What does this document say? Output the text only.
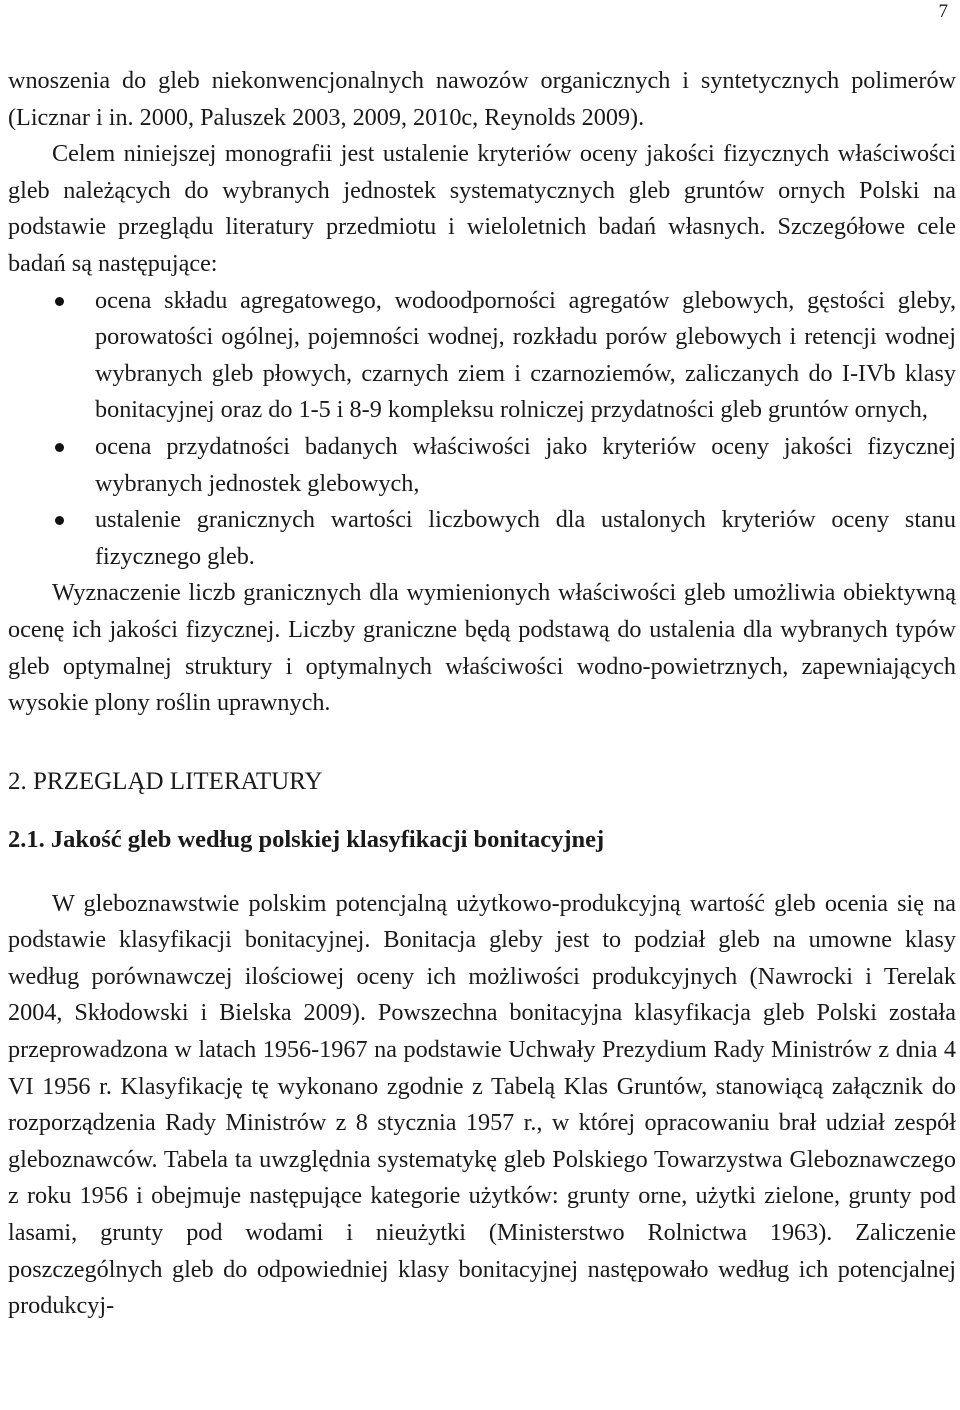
7

wnoszenia do gleb niekonwencjonalnych nawozów organicznych i syntetycznych polimerów (Licznar i in. 2000, Paluszek 2003, 2009, 2010c, Reynolds 2009).

Celem niniejszej monografii jest ustalenie kryteriów oceny jakości fizycznych właściwości gleb należących do wybranych jednostek systematycznych gleb gruntów ornych Polski na podstawie przeglądu literatury przedmiotu i wieloletnich badań własnych. Szczegółowe cele badań są następujące:

ocena składu agregatowego, wodoodporności agregatów glebowych, gęstości gleby, porowatości ogólnej, pojemności wodnej, rozkładu porów glebowych i retencji wodnej wybranych gleb płowych, czarnych ziem i czarnoziemów, zaliczanych do I-IVb klasy bonitacyjnej oraz do 1-5 i 8-9 kompleksu rolniczej przydatności gleb gruntów ornych,
ocena przydatności badanych właściwości jako kryteriów oceny jakości fizycznej wybranych jednostek glebowych,
ustalenie granicznych wartości liczbowych dla ustalonych kryteriów oceny stanu fizycznego gleb.

Wyznaczenie liczb granicznych dla wymienionych właściwości gleb umożliwia obiektywną ocenę ich jakości fizycznej. Liczby graniczne będą podstawą do ustalenia dla wybranych typów gleb optymalnej struktury i optymalnych właściwości wodno-powietrznych, zapewniających wysokie plony roślin uprawnych.

2. PRZEGLĄD LITERATURY
2.1. Jakość gleb według polskiej klasyfikacji bonitacyjnej

W gleboznawstwie polskim potencjalną użytkowo-produkcyjną wartość gleb ocenia się na podstawie klasyfikacji bonitacyjnej. Bonitacja gleby jest to podział gleb na umowne klasy według porównawczej ilościowej oceny ich możliwości produkcyjnych (Nawrocki i Terelak 2004, Skłodowski i Bielska 2009). Powszechna bonitacyjna klasyfikacja gleb Polski została przeprowadzona w latach 1956-1967 na podstawie Uchwały Prezydium Rady Ministrów z dnia 4 VI 1956 r. Klasyfikację tę wykonano zgodnie z Tabelą Klas Gruntów, stanowiącą załącznik do rozporządzenia Rady Ministrów z 8 stycznia 1957 r., w której opracowaniu brał udział zespół gleboznawców. Tabela ta uwzględnia systematykę gleb Polskiego Towarzystwa Gleboznawczego z roku 1956 i obejmuje następujące kategorie użytków: grunty orne, użytki zielone, grunty pod lasami, grunty pod wodami i nieużytki (Ministerstwo Rolnictwa 1963). Zaliczenie poszczególnych gleb do odpowiedniej klasy bonitacyjnej następowało według ich potencjalnej produkcyj-
